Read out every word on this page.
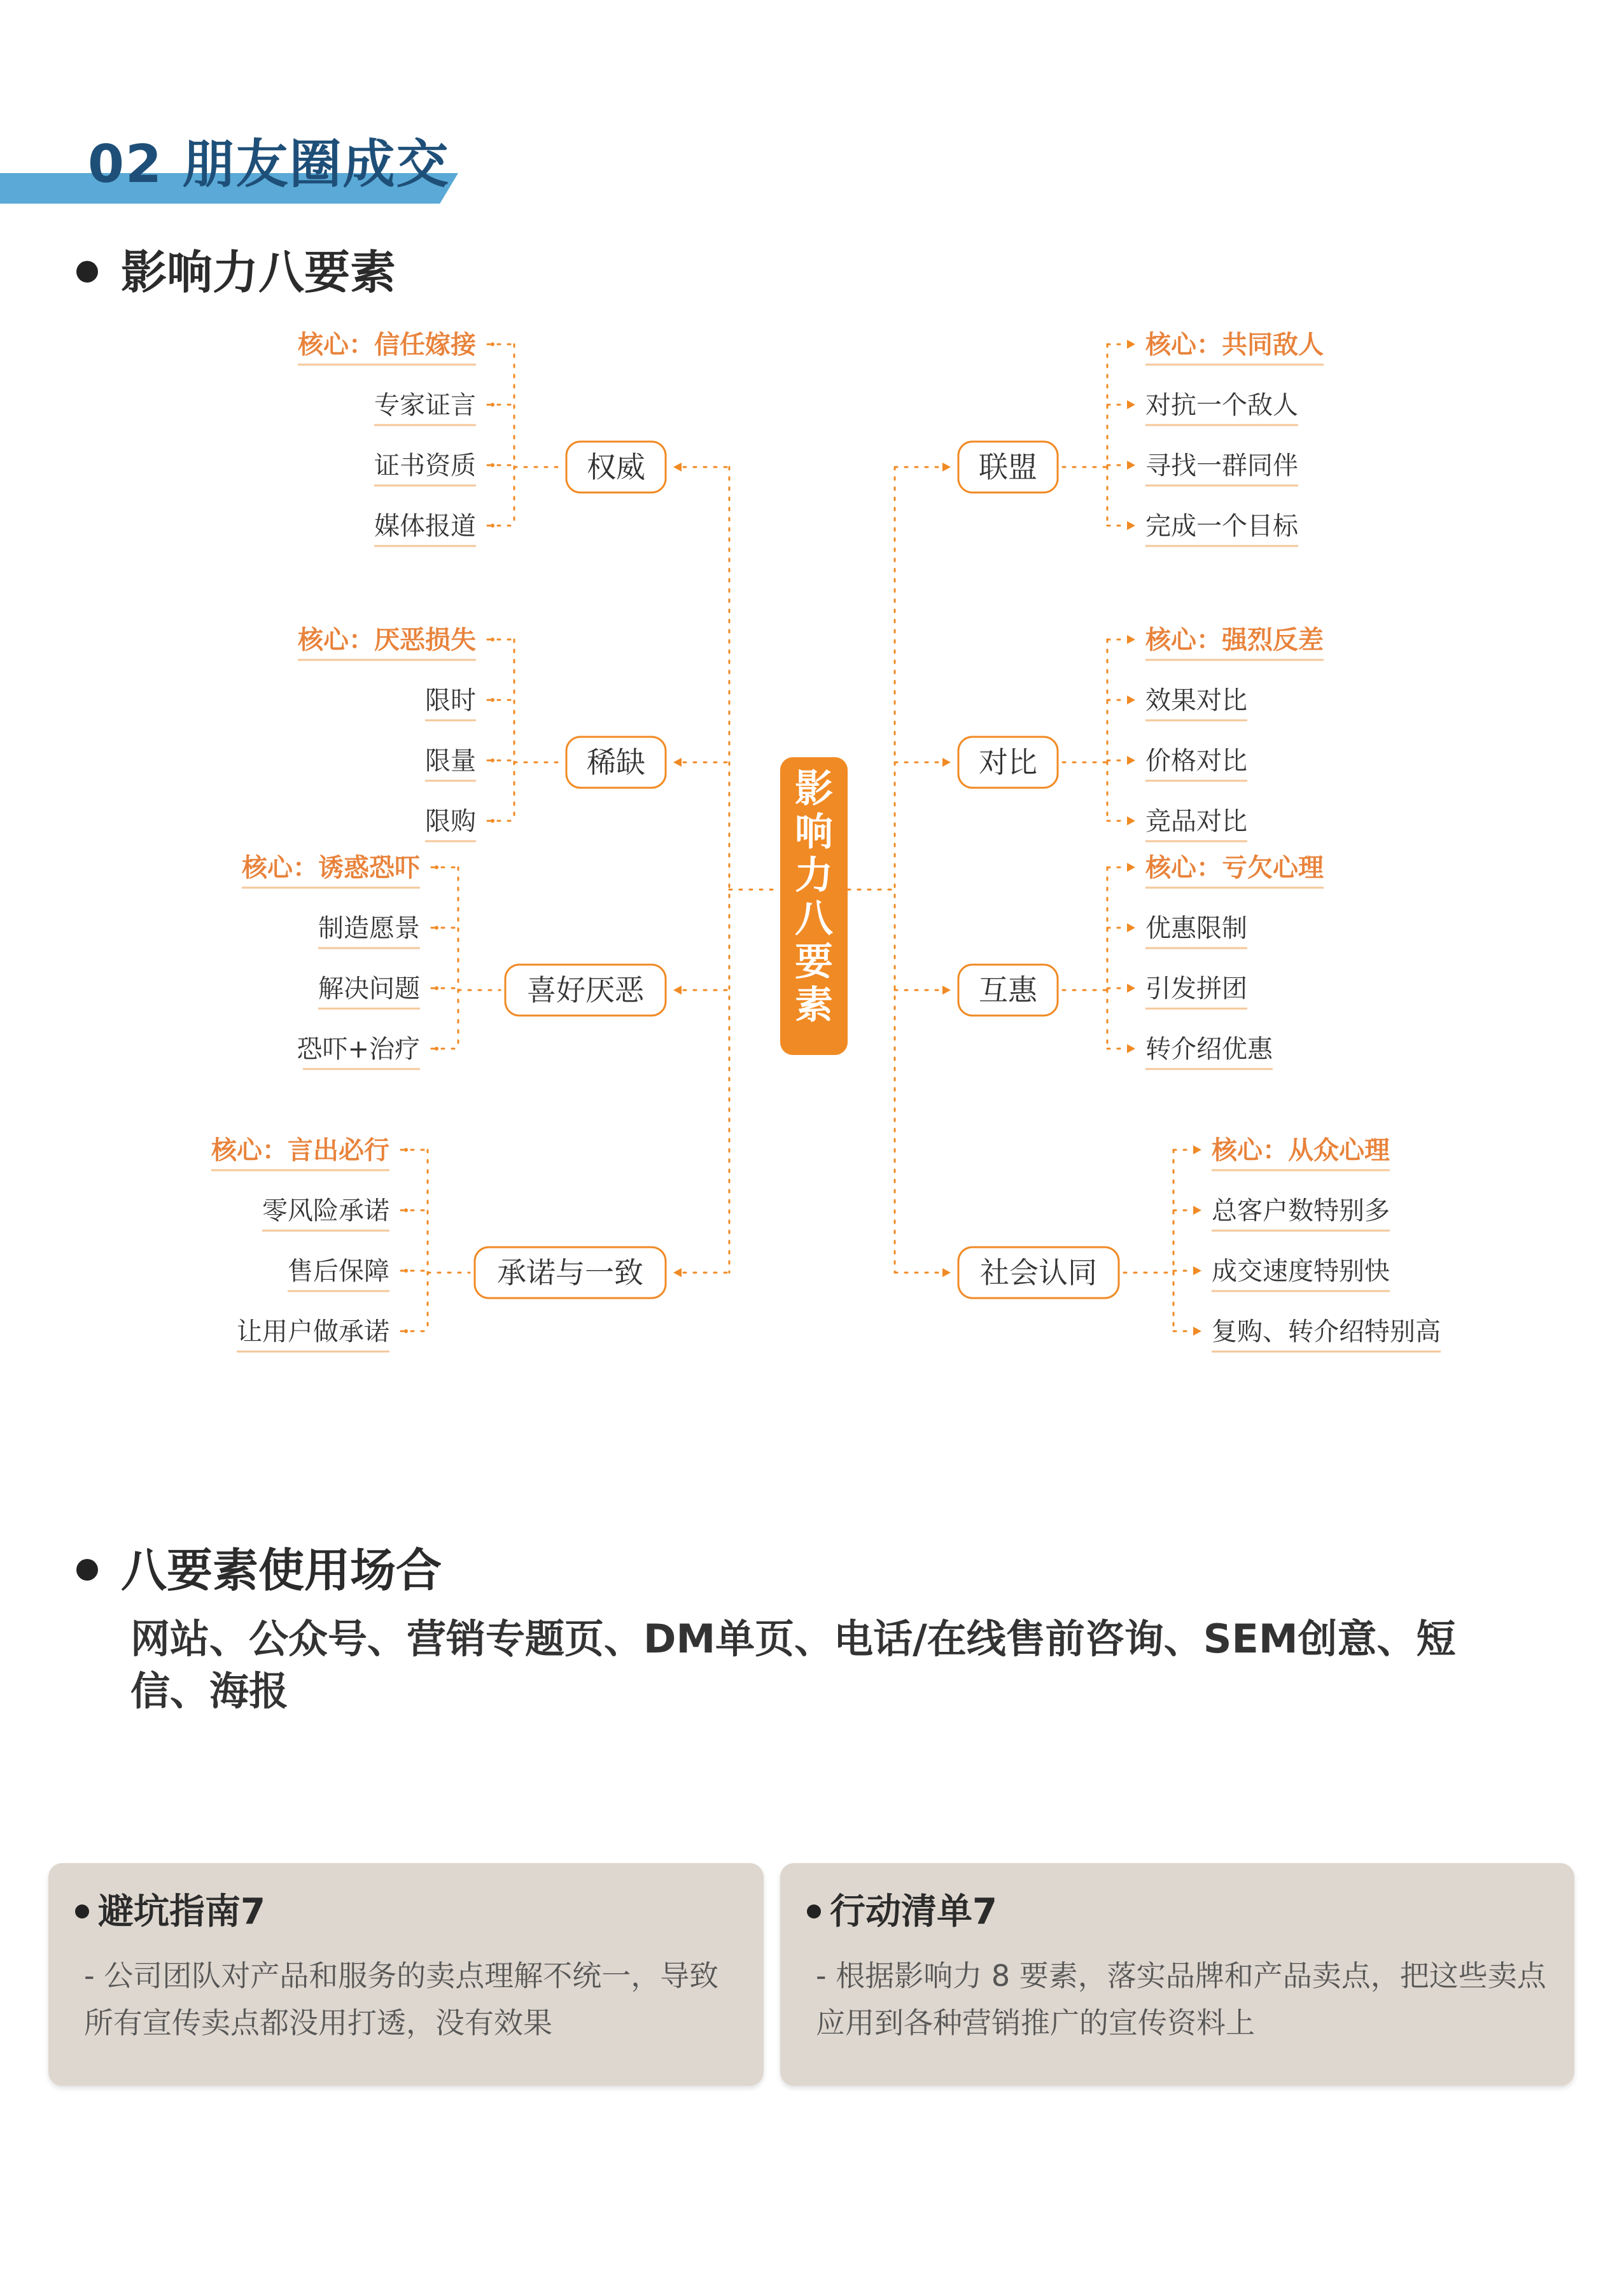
02 朋友圈成交
影响力八要素
影
响
力
八
要
素
权威
核心：信任嫁接
专家证言
证书资质
媒体报道
联盟
核心：共同敌人
对抗一个敌人
寻找一群同伴
完成一个目标
稀缺
核心：厌恶损失
限时
限量
限购
对比
核心：强烈反差
效果对比
价格对比
竞品对比
喜好厌恶
核心：诱惑恐吓
制造愿景
解决问题
恐吓+治疗
互惠
核心：亏欠心理
优惠限制
引发拼团
转介绍优惠
承诺与一致
核心：言出必行
零风险承诺
售后保障
让用户做承诺
社会认同
核心：从众心理
总客户数特别多
成交速度特别快
复购、转介绍特别高
八要素使用场合
网站、公众号、营销专题页、DM单页、电话/在线售前咨询、SEM创意、短信、海报
避坑指南7
- 公司团队对产品和服务的卖点理解不统一，导致所有宣传卖点都没用打透，没有效果
行动清单7
- 根据影响力 8 要素，落实品牌和产品卖点，把这些卖点应用到各种营销推广的宣传资料上
